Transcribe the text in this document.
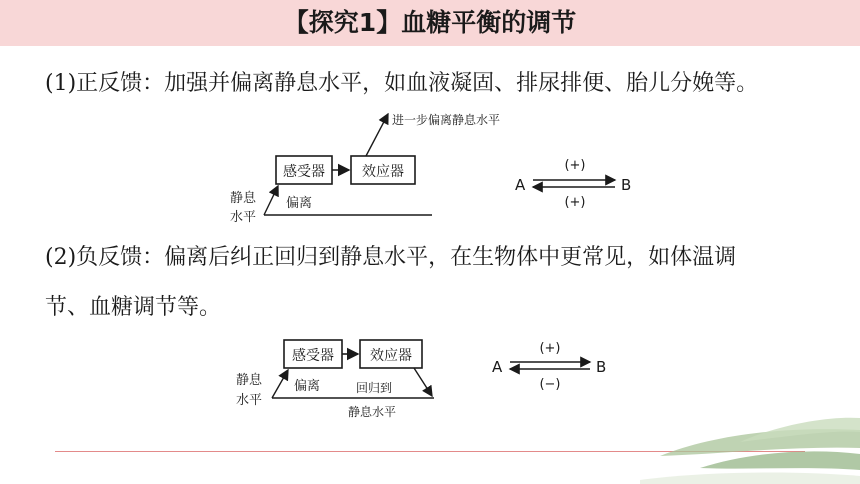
【探究1】血糖平衡的调节
(1)正反馈：加强并偏离静息水平，如血液凝固、排尿排便、胎儿分娩等。
感受器	效应器
进一步偏离静息水平
静息
水平
偏离
A	B
(+)
(+)
(2)负反馈：偏离后纠正回归到静息水平，在生物体中更常见，如体温调
节、血糖调节等。
感受器	效应器
静息
水平
偏离	回归到
静息水平
A	B
(+)
(−)
